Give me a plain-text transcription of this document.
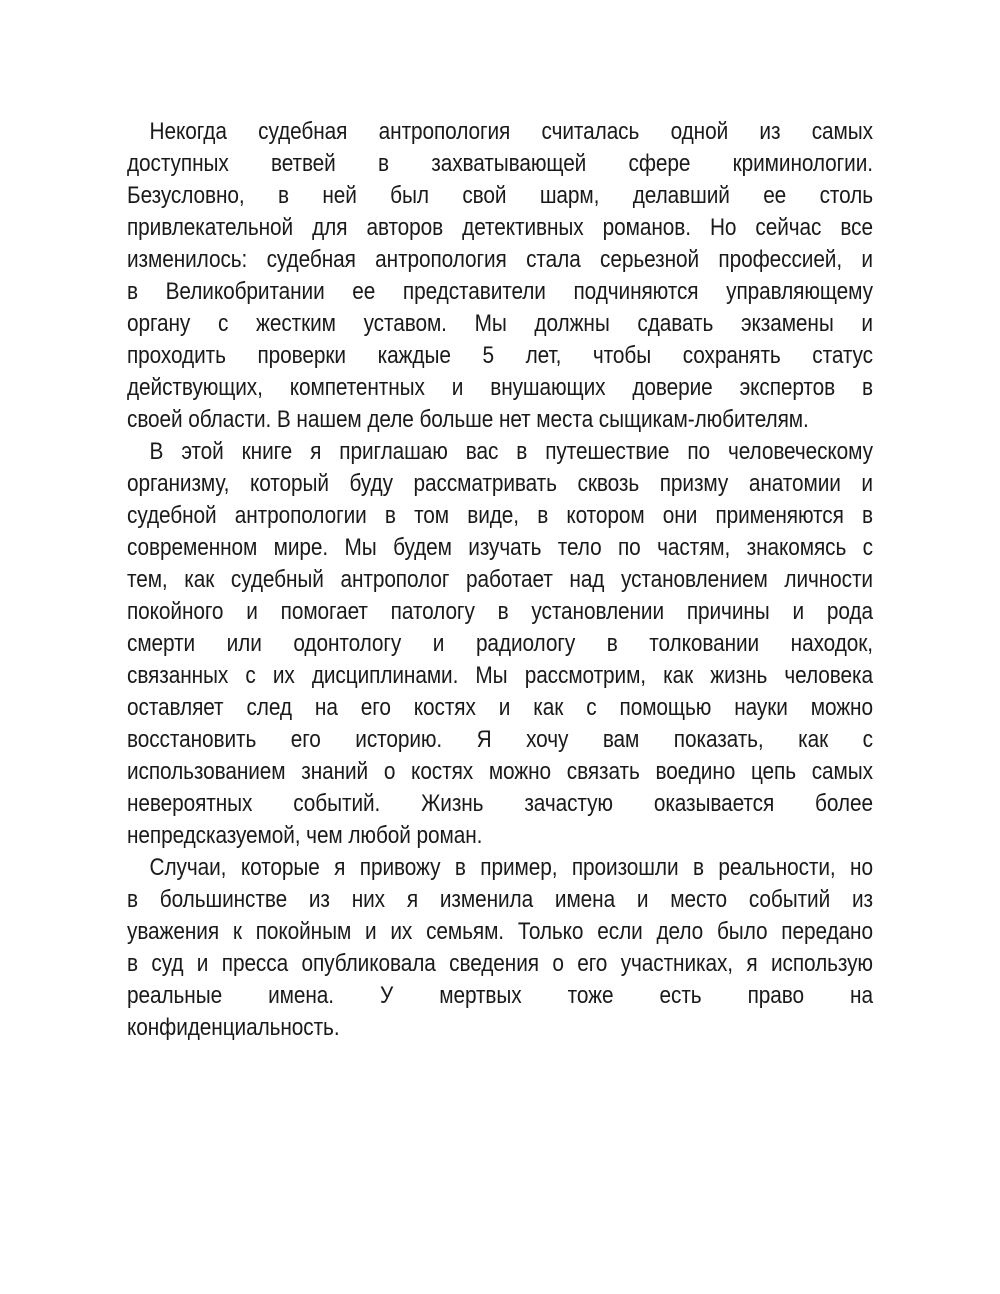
Некогда судебная антропология считалась одной из самых
доступных ветвей в захватывающей сфере криминологии.
Безусловно, в ней был свой шарм, делавший ее столь
привлекательной для авторов детективных романов. Но сейчас все
изменилось: судебная антропология стала серьезной профессией, и
в Великобритании ее представители подчиняются управляющему
органу с жестким уставом. Мы должны сдавать экзамены и
проходить проверки каждые 5 лет, чтобы сохранять статус
действующих, компетентных и внушающих доверие экспертов в
своей области. В нашем деле больше нет места сыщикам-любителям.
В этой книге я приглашаю вас в путешествие по человеческому
организму, который буду рассматривать сквозь призму анатомии и
судебной антропологии в том виде, в котором они применяются в
современном мире. Мы будем изучать тело по частям, знакомясь с
тем, как судебный антрополог работает над установлением личности
покойного и помогает патологу в установлении причины и рода
смерти или одонтологу и радиологу в толковании находок,
связанных с их дисциплинами. Мы рассмотрим, как жизнь человека
оставляет след на его костях и как с помощью науки можно
восстановить его историю. Я хочу вам показать, как с
использованием знаний о костях можно связать воедино цепь самых
невероятных событий. Жизнь зачастую оказывается более
непредсказуемой, чем любой роман.
Случаи, которые я привожу в пример, произошли в реальности, но
в большинстве из них я изменила имена и место событий из
уважения к покойным и их семьям. Только если дело было передано
в суд и пресса опубликовала сведения о его участниках, я использую
реальные имена. У мертвых тоже есть право на
конфиденциальность.
